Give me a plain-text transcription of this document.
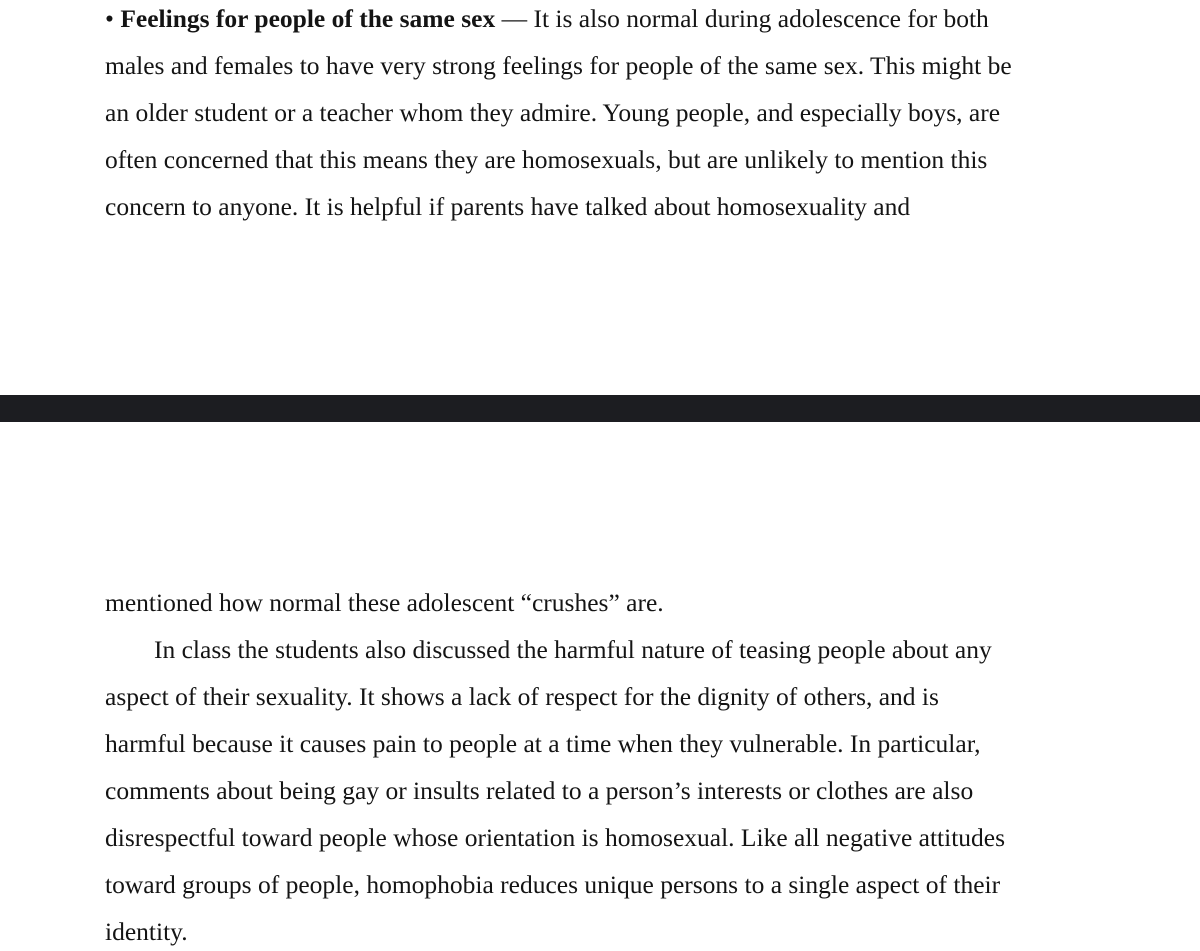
• Feelings for people of the same sex — It is also normal during adolescence for both
males and females to have very strong feelings for people of the same sex. This might be
an older student or a teacher whom they admire. Young people, and especially boys, are
often concerned that this means they are homosexuals, but are unlikely to mention this
concern to anyone. It is helpful if parents have talked about homosexuality and
mentioned how normal these adolescent “crushes” are.
In class the students also discussed the harmful nature of teasing people about any
aspect of their sexuality. It shows a lack of respect for the dignity of others, and is
harmful because it causes pain to people at a time when they vulnerable. In particular,
comments about being gay or insults related to a person’s interests or clothes are also
disrespectful toward people whose orientation is homosexual. Like all negative attitudes
toward groups of people, homophobia reduces unique persons to a single aspect of their
identity.
